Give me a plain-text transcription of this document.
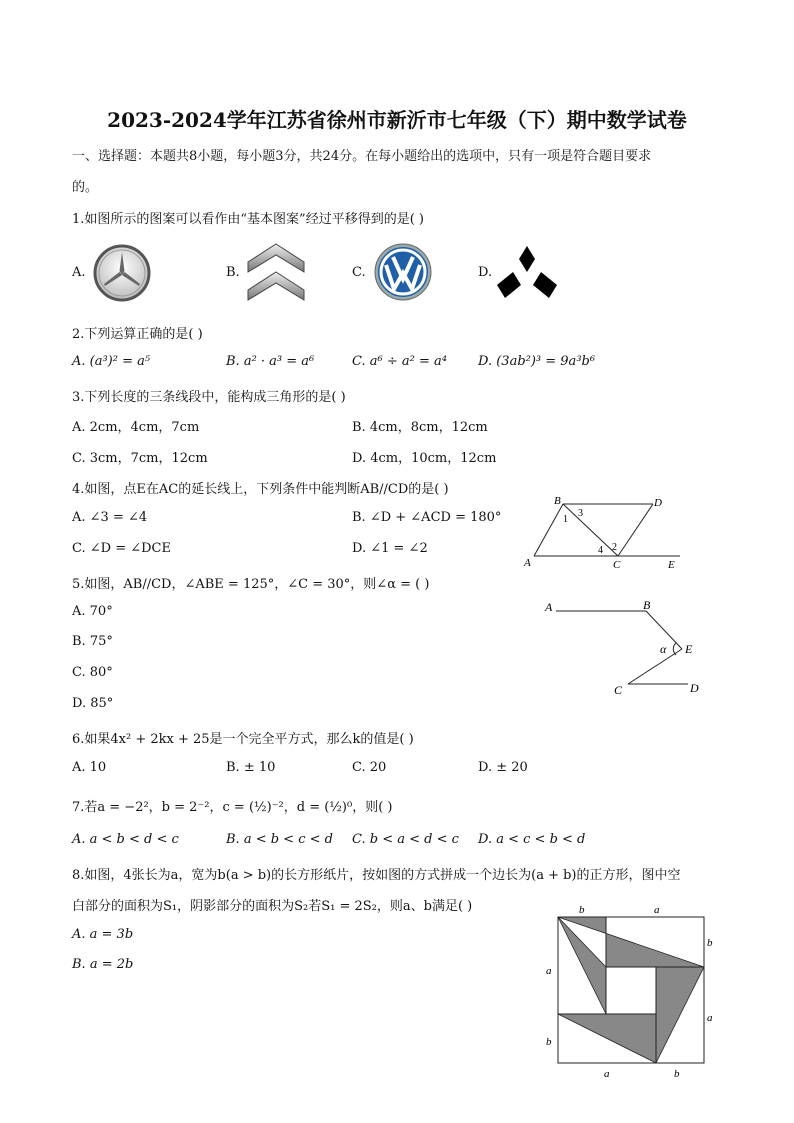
2023-2024学年江苏省徐州市新沂市七年级（下）期中数学试卷
一、选择题：本题共8小题，每小题3分，共24分。在每小题给出的选项中，只有一项是符合题目要求
的。
1.如图所示的图案可以看作由“基本图案”经过平移得到的是( )
A.	B.	C.	D.
2.下列运算正确的是( )
A. (a³)² = a⁵	B. a² · a³ = a⁶	C. a⁶ ÷ a² = a⁴ D. (3ab²)³ = 9a³b⁶
3.下列长度的三条线段中，能构成三角形的是( )
A. 2cm，4cm，7cm	B. 4cm，8cm，12cm
C. 3cm，7cm，12cm	D. 4cm，10cm，12cm
4.如图，点E在AC的延长线上，下列条件中能判断AB//CD的是( )
A. ∠3 = ∠4	B. ∠D + ∠ACD = 180°
C. ∠D = ∠DCE	D. ∠1 = ∠2
B	D
A	C	E
1
3
2
4
5.如图，AB//CD，∠ABE = 125°，∠C = 30°，则∠α = ( )
A. 70°
B. 75°
C. 80°
D. 85°
A	B
E
α
C	D
6.如果4x² + 2kx + 25是一个完全平方式，那么k的值是( )
A. 10	B. ± 10	C. 20	D. ± 20
7.若a = −2²，b = 2⁻²，c = (½)⁻²，d = (½)⁰，则( )
A. a < b < d < c	B. a < b < c < d C. b < a < d < c D. a < c < b < d
8.如图，4张长为a，宽为b(a > b)的长方形纸片，按如图的方式拼成一个边长为(a + b)的正方形，图中空
白部分的面积为S₁，阴影部分的面积为S₂若S₁ = 2S₂，则a、b满足( )
A. a = 3b
B. a = 2b
b	a
b
a
a
b
a	b
